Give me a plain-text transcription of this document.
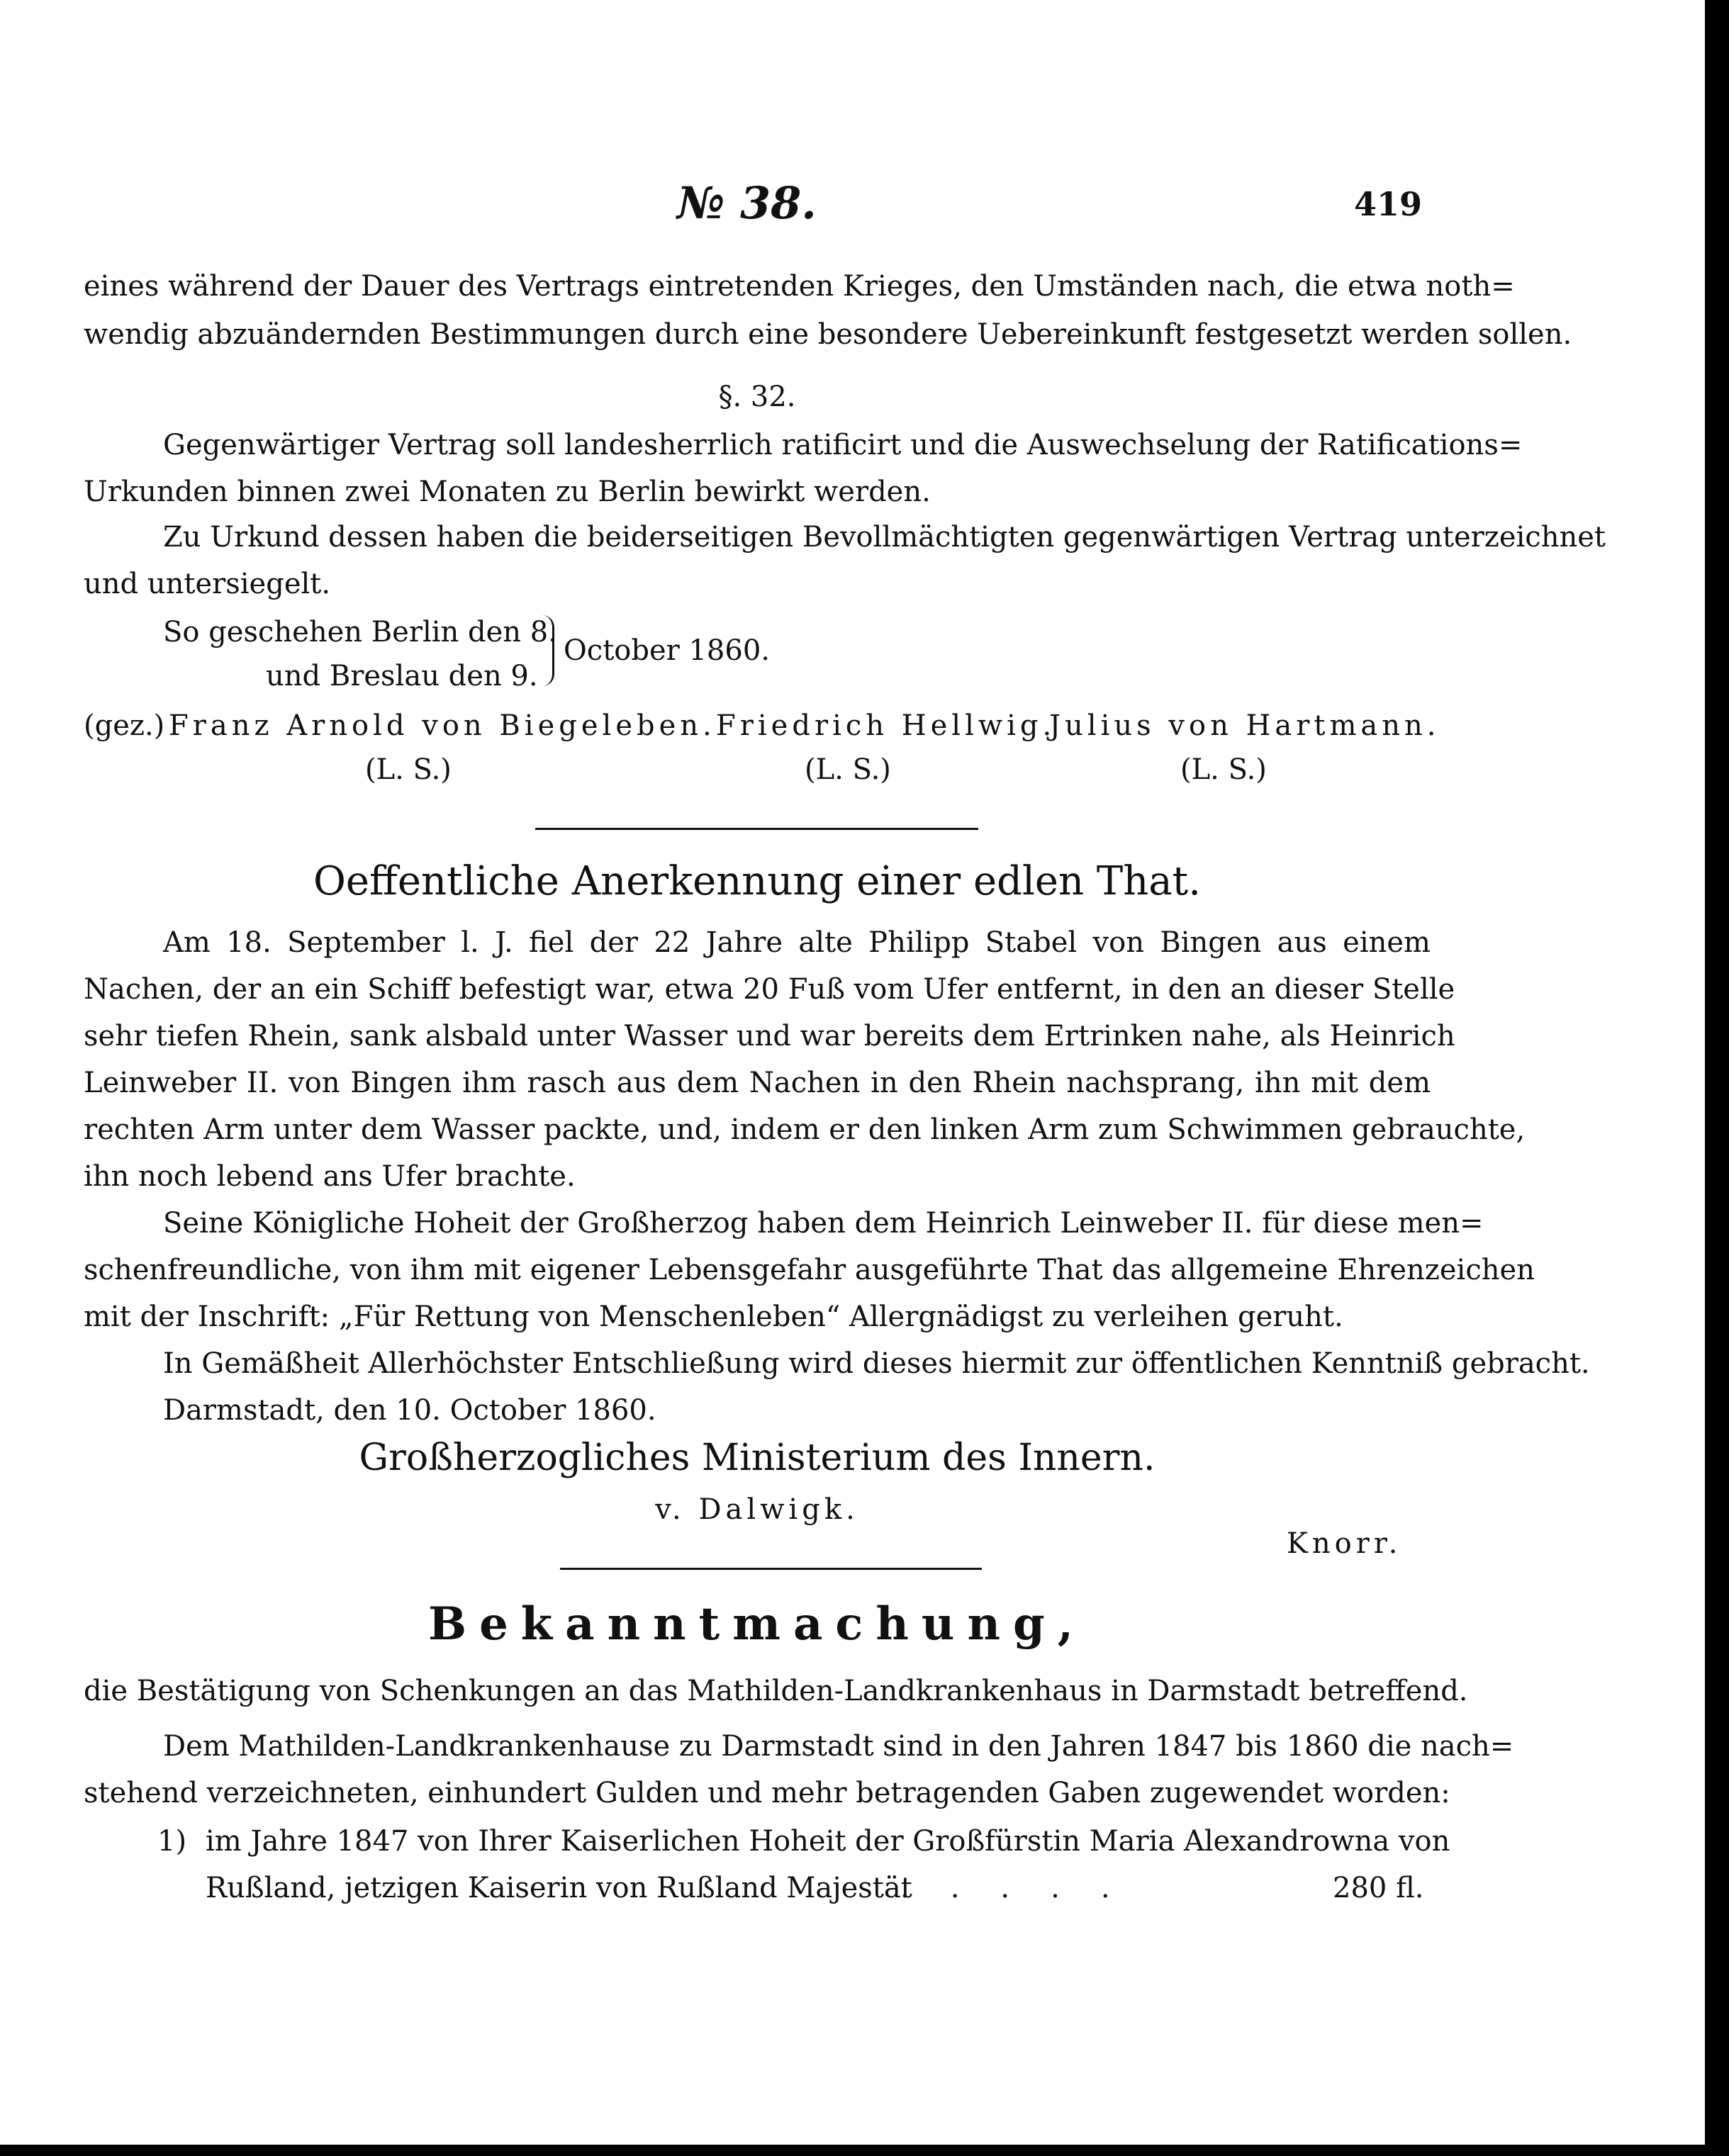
№ 38.	419
eines während der Dauer des Vertrags eintretenden Krieges, den Umständen nach, die etwa noth=
wendig abzuändernden Bestimmungen durch eine besondere Uebereinkunft festgesetzt werden sollen.
§. 32.
Gegenwärtiger Vertrag soll landesherrlich ratificirt und die Auswechselung der Ratifications=
Urkunden binnen zwei Monaten zu Berlin bewirkt werden.
Zu Urkund dessen haben die beiderseitigen Bevollmächtigten gegenwärtigen Vertrag unterzeichnet
und untersiegelt.
So geschehen Berlin den 8.
und Breslau den 9.
October 1860.
(gez.) Franz Arnold von Biegeleben. Friedrich Hellwig.
Julius von Hartmann.
(L. S.)	(L. S.)	(L. S.)
Oeffentliche Anerkennung einer edlen That.
Am 18. September l. J. fiel der 22 Jahre alte Philipp Stabel von Bingen aus einem
Nachen, der an ein Schiff befestigt war, etwa 20 Fuß vom Ufer entfernt, in den an dieser Stelle
sehr tiefen Rhein, sank alsbald unter Wasser und war bereits dem Ertrinken nahe, als Heinrich
Leinweber II. von Bingen ihm rasch aus dem Nachen in den Rhein nachsprang, ihn mit dem
rechten Arm unter dem Wasser packte, und, indem er den linken Arm zum Schwimmen gebrauchte,
ihn noch lebend ans Ufer brachte.
Seine Königliche Hoheit der Großherzog haben dem Heinrich Leinweber II. für diese men=
schenfreundliche, von ihm mit eigener Lebensgefahr ausgeführte That das allgemeine Ehrenzeichen
mit der Inschrift: „Für Rettung von Menschenleben“ Allergnädigst zu verleihen geruht.
In Gemäßheit Allerhöchster Entschließung wird dieses hiermit zur öffentlichen Kenntniß gebracht.
Darmstadt, den 10. October 1860.
Großherzogliches Ministerium des Innern.
v. Dalwigk.
Knorr.
Bekanntmachung,
die Bestätigung von Schenkungen an das Mathilden-Landkrankenhaus in Darmstadt betreffend.
Dem Mathilden-Landkrankenhause zu Darmstadt sind in den Jahren 1847 bis 1860 die nach=
stehend verzeichneten, einhundert Gulden und mehr betragenden Gaben zugewendet worden:
1) im Jahre 1847 von Ihrer Kaiserlichen Hoheit der Großfürstin Maria Alexandrowna von
Rußland, jetzigen Kaiserin von Rußland Majestät
.....	280 fl.
